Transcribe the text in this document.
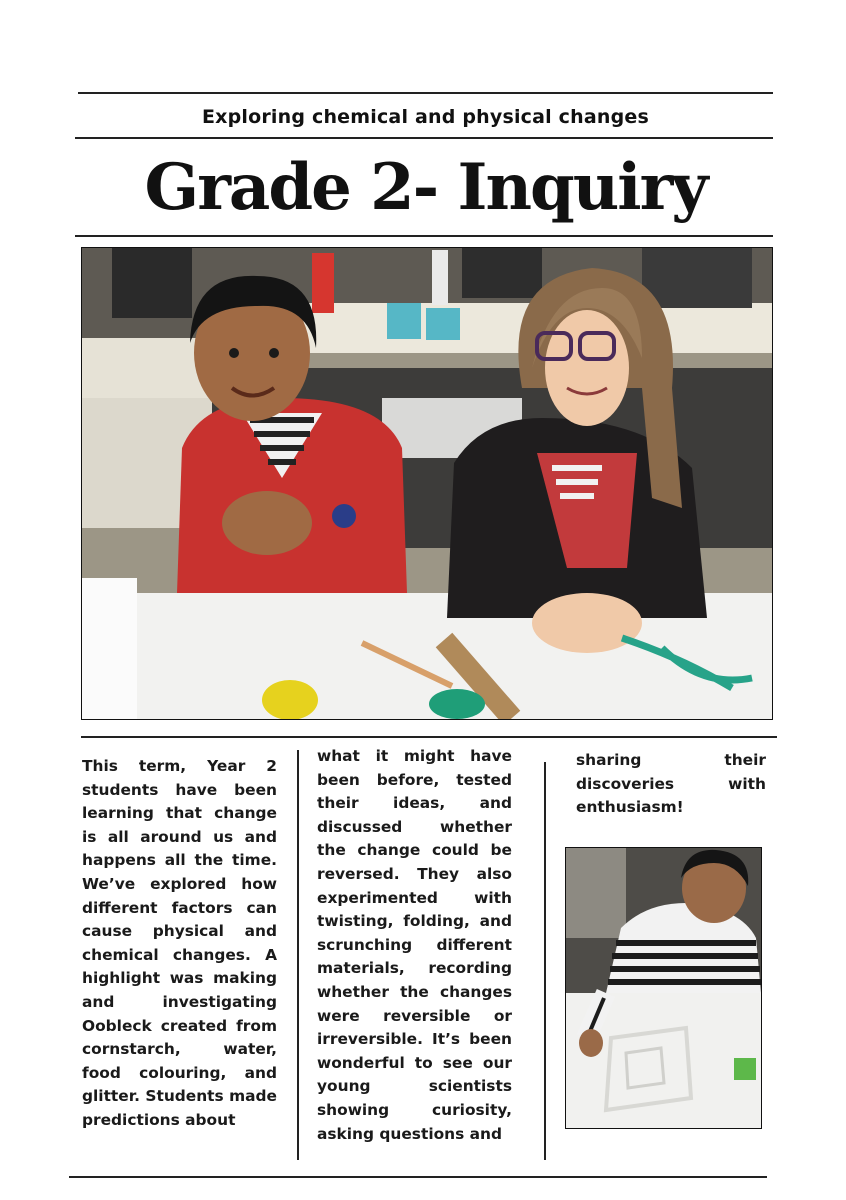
Exploring chemical and physical changes
Grade 2- Inquiry
This term, Year 2 students have been learning that change is all around us and happens all the time. We’ve explored how different factors can cause physical and chemical changes. A highlight was making and investigating Oobleck created from cornstarch, water, food colouring, and glitter. Students made predictions about
what it might have been before, tested their ideas, and discussed whether the change could be reversed. They also experimented with twisting, folding, and scrunching different materials, recording whether the changes were reversible or irreversible. It’s been wonderful to see our young scientists showing curiosity, asking questions and
sharing their discoveries with enthusiasm!
